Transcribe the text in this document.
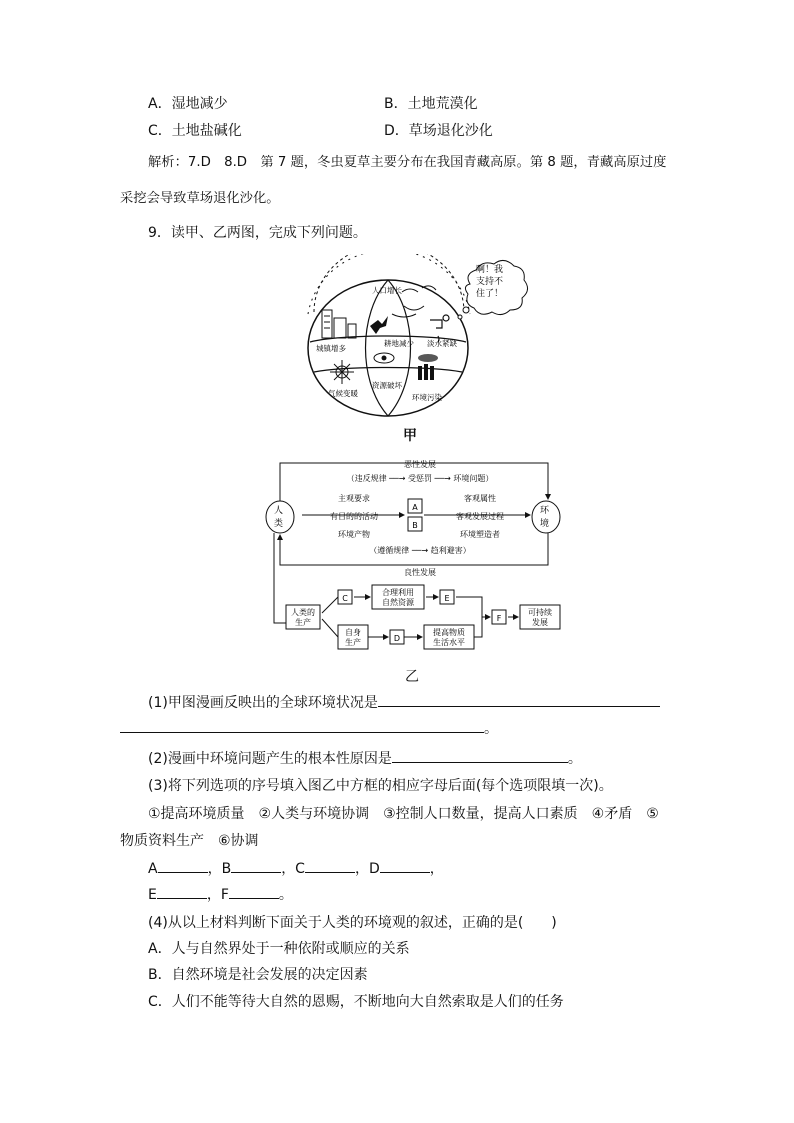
A．湿地减少	B．土地荒漠化
C．土地盐碱化	D．草场退化沙化
解析：7.D　8.D　第 7 题，冬虫夏草主要分布在我国青藏高原。第 8 题，青藏高原过度
采挖会导致草场退化沙化。
9．读甲、乙两图，完成下列问题。
人口增长
城镇增多
耕地减少 淡水紧缺
气候变暖
资源破坏
环境污染
啊！我
支持不
住了！
甲
人
类
环
境
恶性发展
（违反规律 ──→ 受惩罚 ──→ 环境问题）
主观要求
有目的的活动
环境产物
客观属性
客观发展过程
环境塑造者
A
B
（遵循规律 ──→ 趋利避害）
良性发展
人类的
生产
C
合理利用
自然资源	E
自身
生产	D
提高物质
生活水平
F
可持续
发展
乙
(1)甲图漫画反映出的全球环境状况是
。
(2)漫画中环境问题产生的根本性原因是	。
(3)将下列选项的序号填入图乙中方框的相应字母后面(每个选项限填一次)。
①提高环境质量　②人类与环境协调　③控制人口数量，提高人口素质　④矛盾　⑤
物质资料生产　⑥协调
A	，B	，C	，D	，
E	，F	。
(4)从以上材料判断下面关于人类的环境观的叙述，正确的是(　　)
A．人与自然界处于一种依附或顺应的关系
B．自然环境是社会发展的决定因素
C．人们不能等待大自然的恩赐，不断地向大自然索取是人们的任务
